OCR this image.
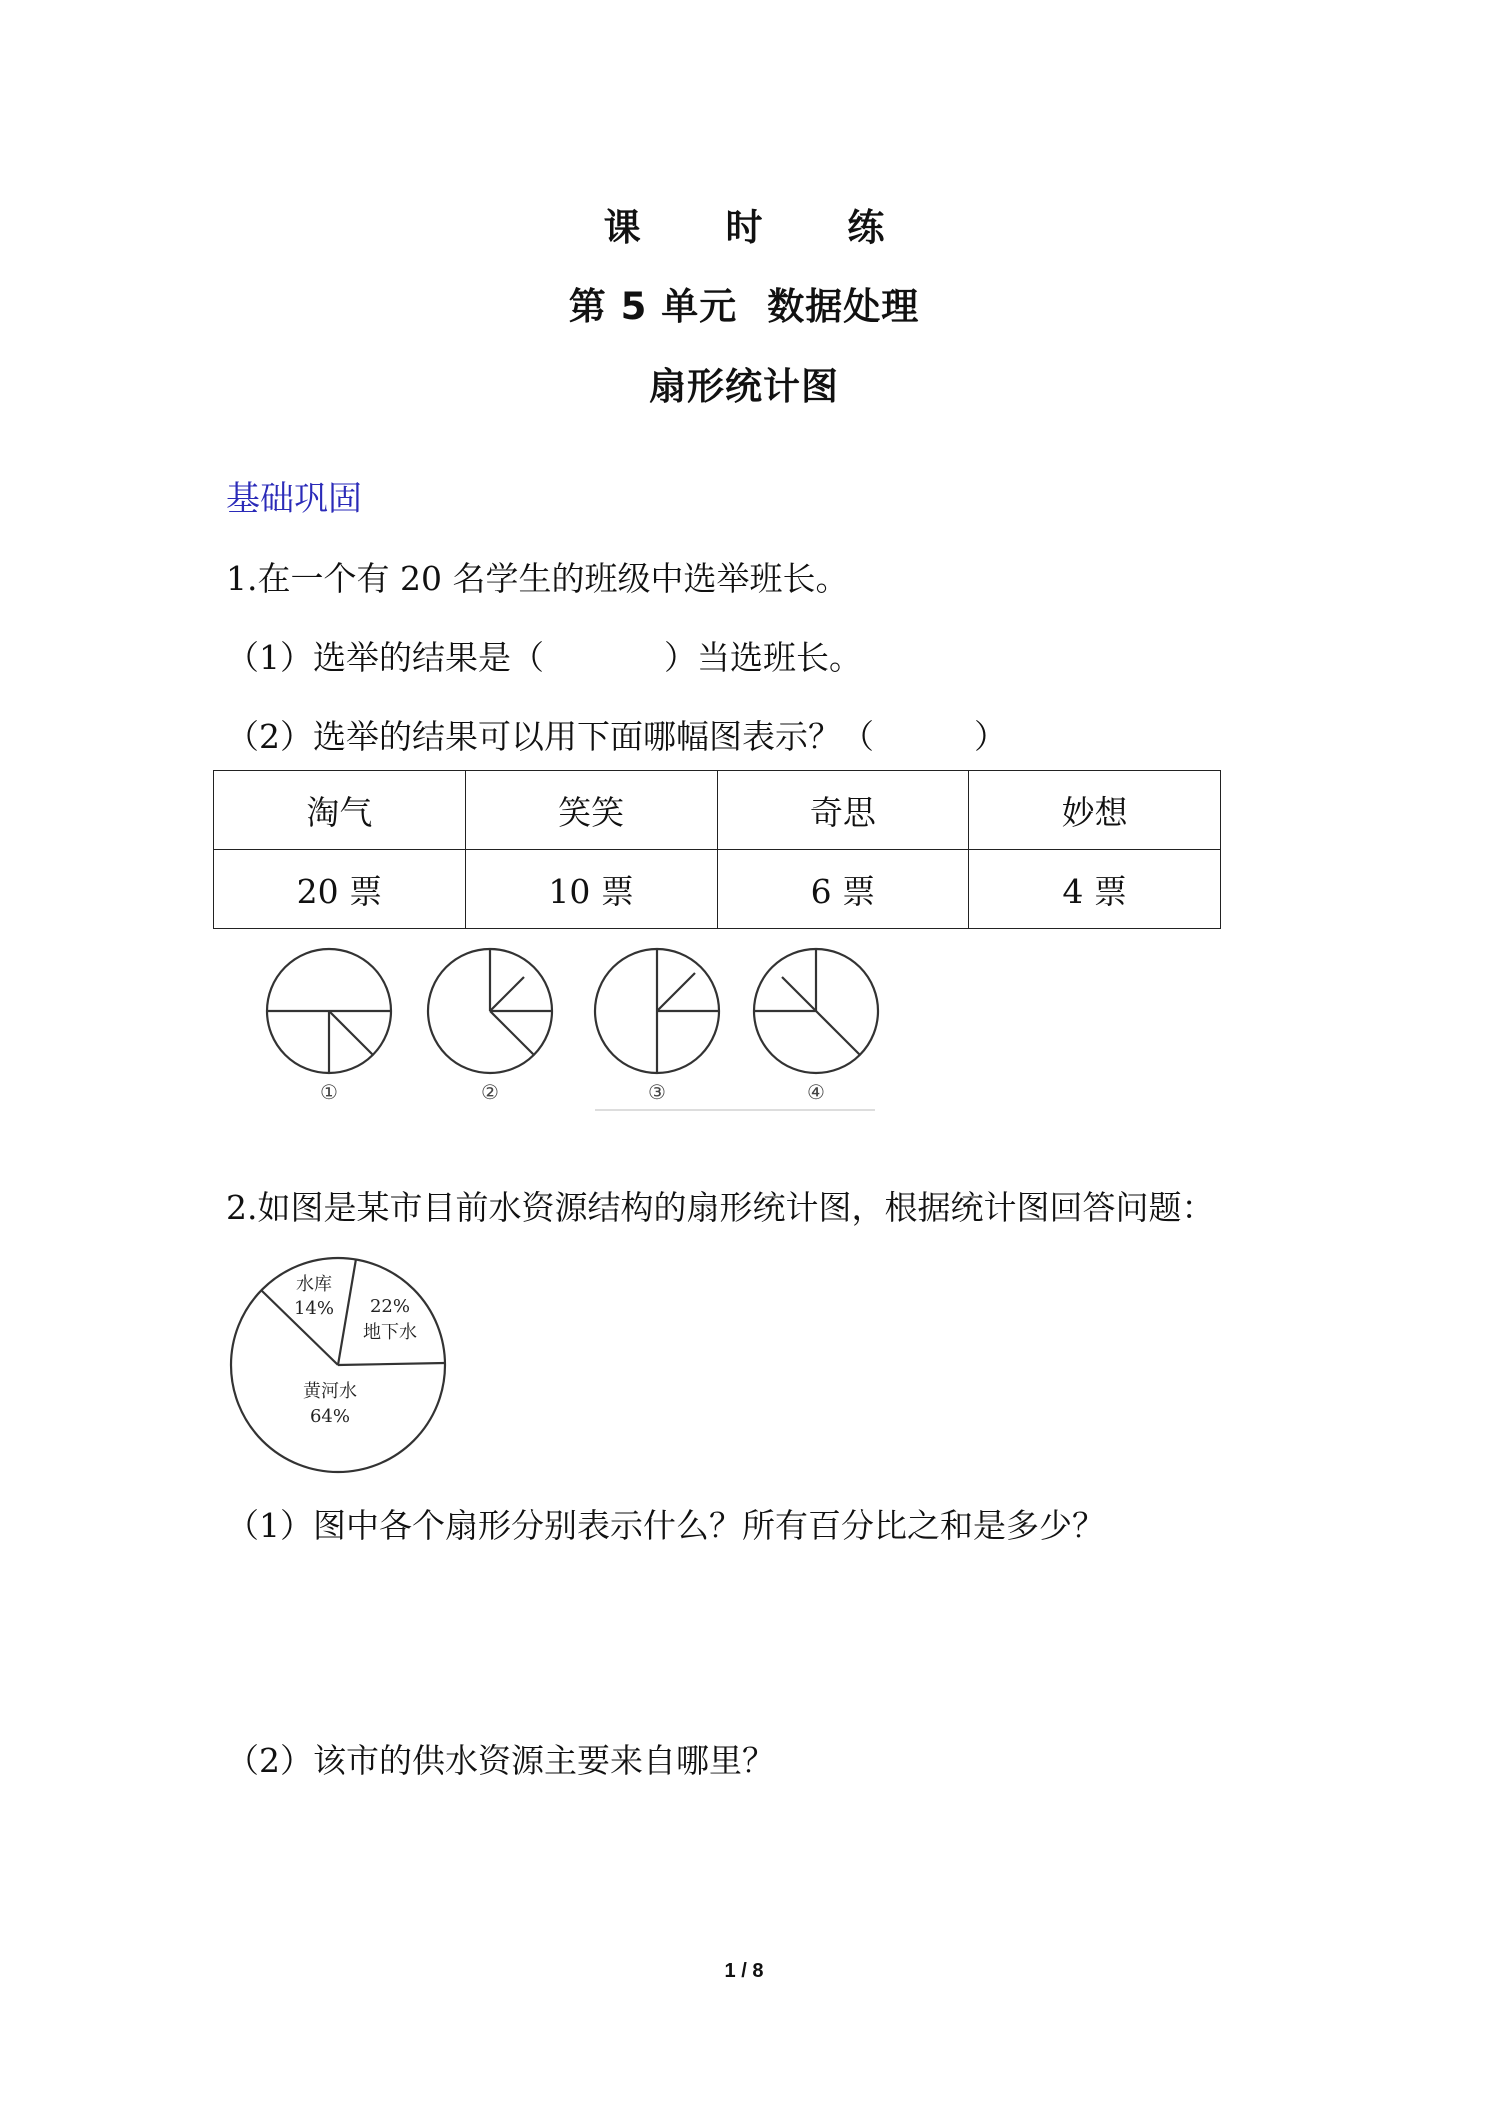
课 时 练
第 5 单元 数据处理
扇形统计图
基础巩固
1.在一个有 20 名学生的班级中选举班长。
（1）选举的结果是（	）当选班长。
（2）选举的结果可以用下面哪幅图表示？（	）
淘气	笑笑	奇思	妙想
20 票	10 票	6 票	4 票
①	②	③	④
2.如图是某市目前水资源结构的扇形统计图，根据统计图回答问题：
水库
14% 22%
地下水
黄河水
64%
（1）图中各个扇形分别表示什么？所有百分比之和是多少？
（2）该市的供水资源主要来自哪里？
1 / 8
